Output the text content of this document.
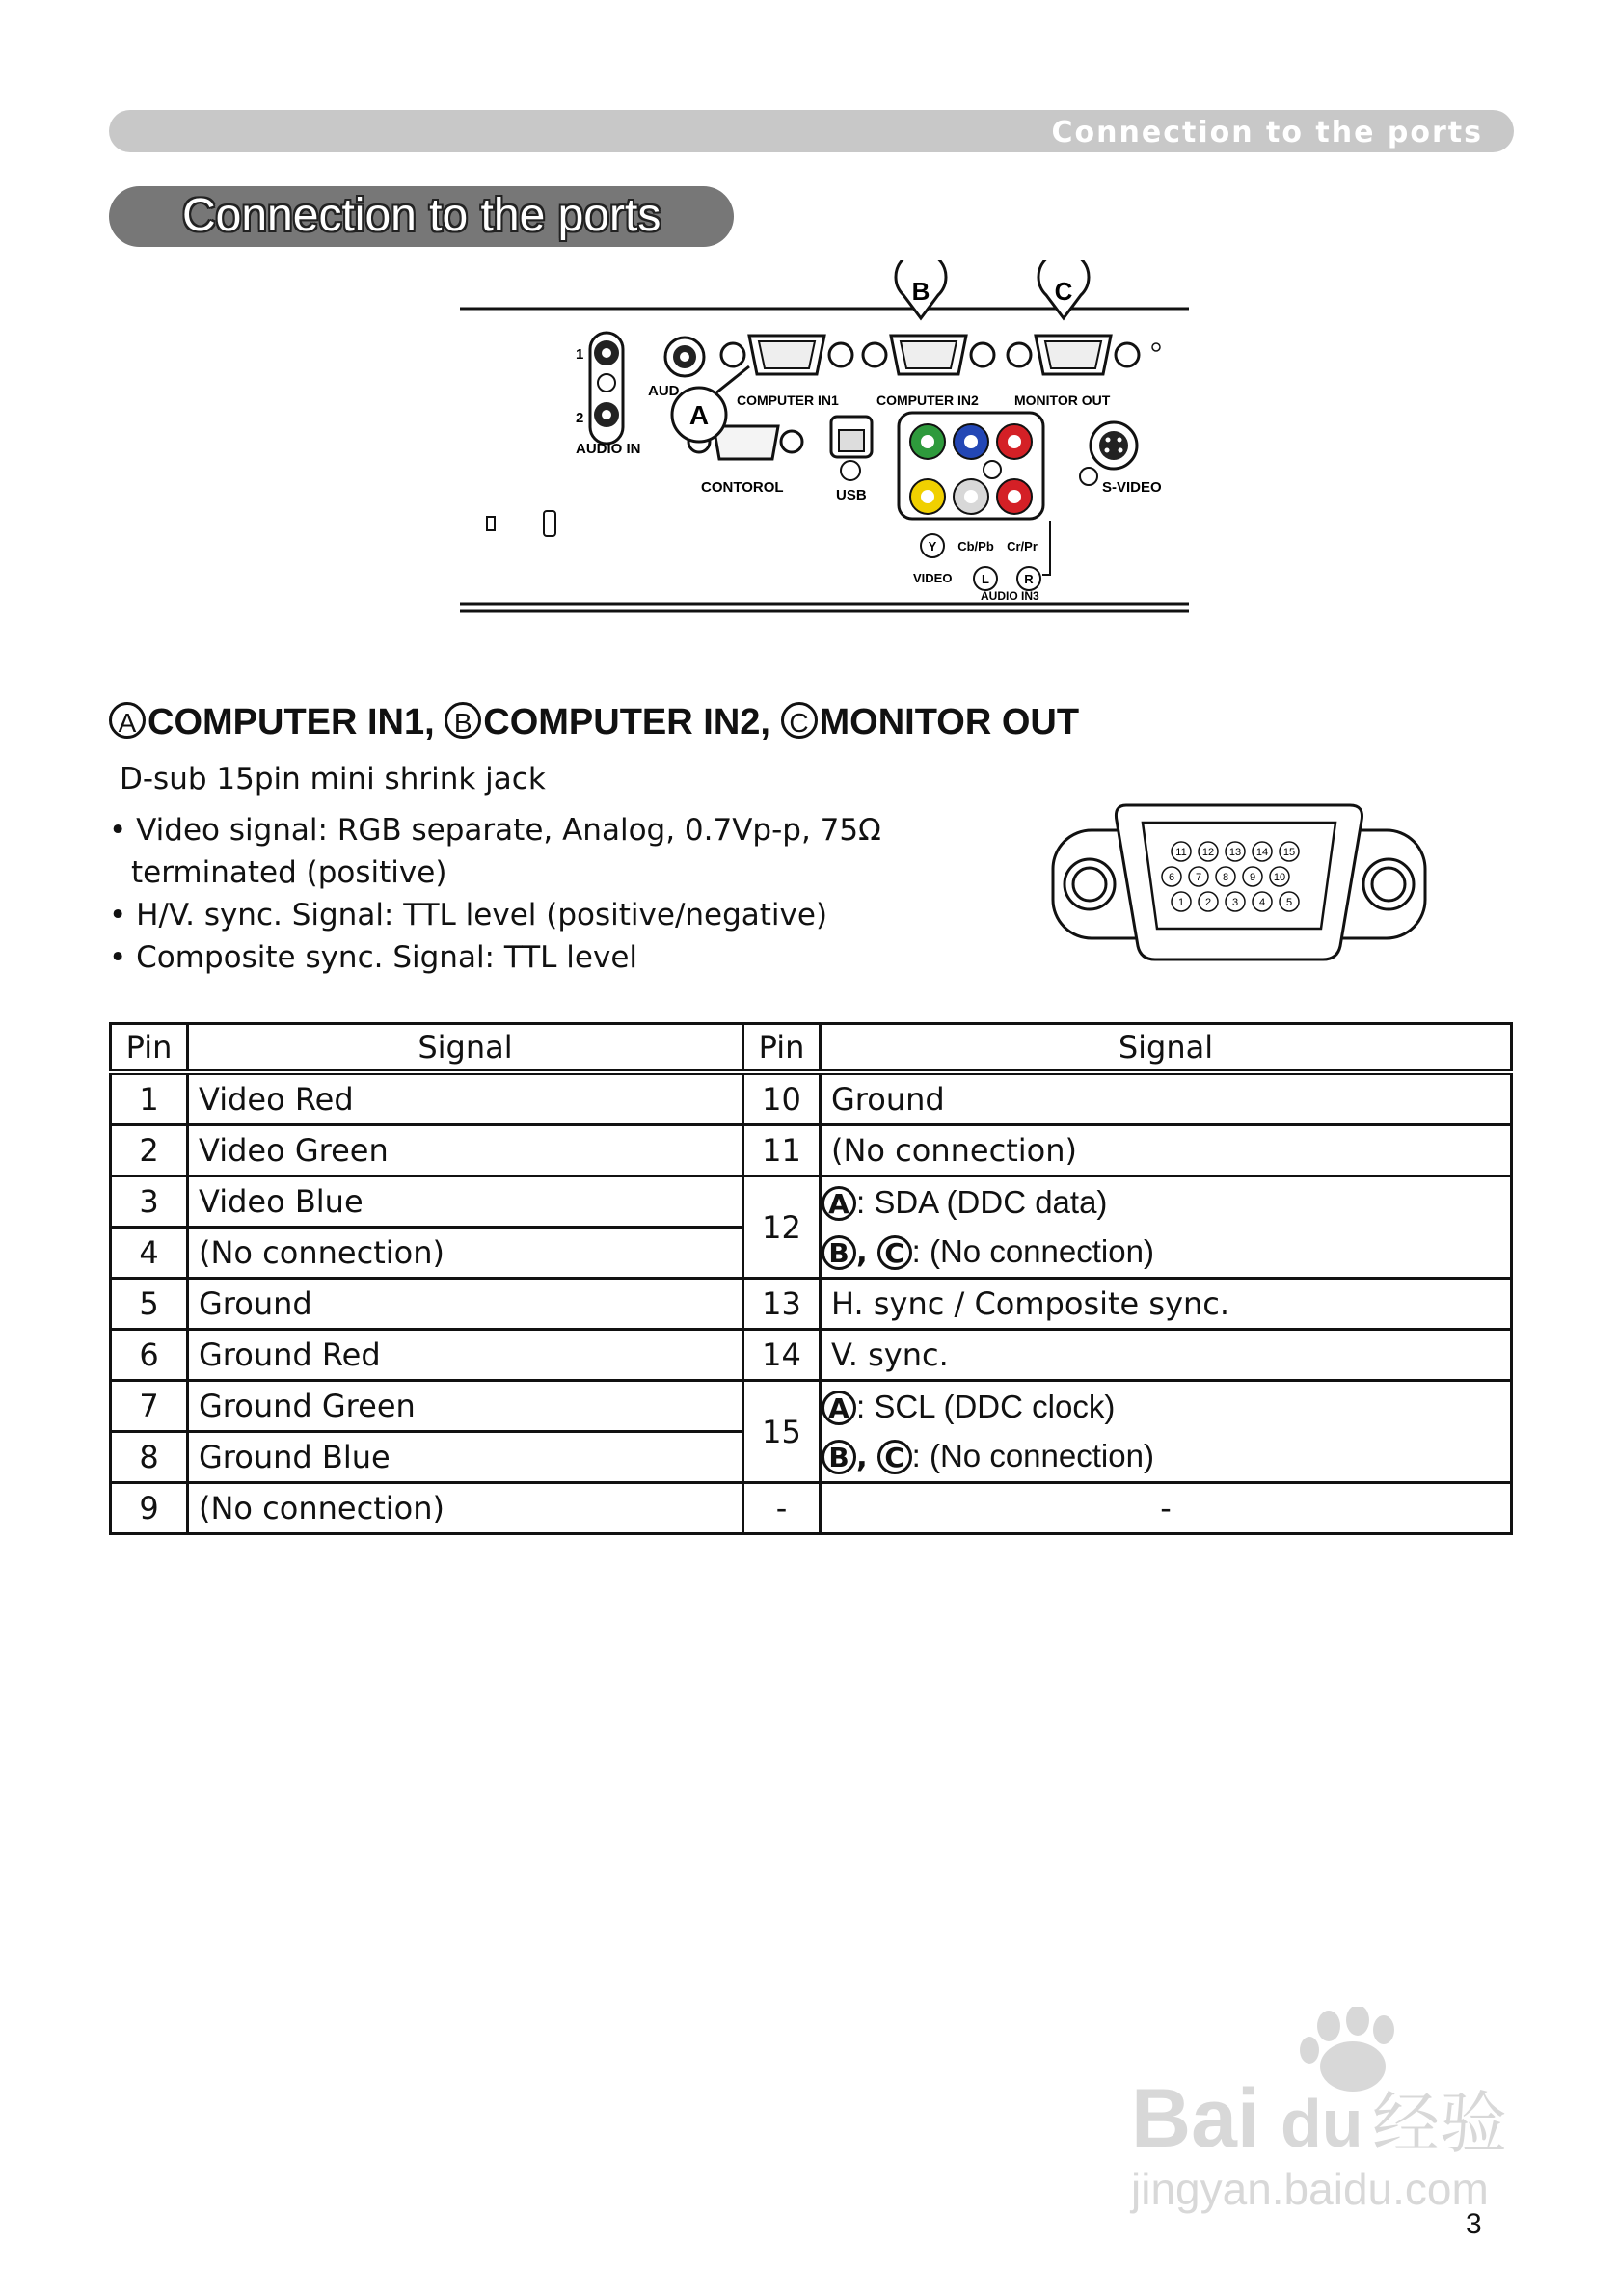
Connection to the ports
Connection to the ports
1
2
AUDIO IN
AUD
COMPUTER IN1	COMPUTER IN2	MONITOR OUT
CONTOROL
A
B	C
USB
Y Cb/Pb Cr/Pr
VIDEO L	R
AUDIO IN3
S-VIDEO
A COMPUTER IN1, B COMPUTER IN2, C MONITOR OUT
D-sub 15pin mini shrink jack
• Video signal: RGB separate, Analog, 0.7Vp-p, 75Ω
terminated (positive)
• H/V. sync. Signal: TTL level (positive/negative)
• Composite sync. Signal: TTL level
11 12 13 14 15
6 7 8 9 10
1 2 3 4 5
Pin	Signal	Pin	Signal
1	Video Red	10	Ground
2	Video Green	11	(No connection)
3	Video Blue	12	A : SDA (DDC data)
B , C : (No connection)

4	(No connection)		
5	Ground	13	H. sync / Composite sync.
6	Ground Red	14	V. sync.
7	Ground Green	15	A : SCL (DDC clock)
B , C : (No connection)

8	Ground Blue		
9	(No connection)	-	-
Bai du 经验
jingyan.baidu.com
3
